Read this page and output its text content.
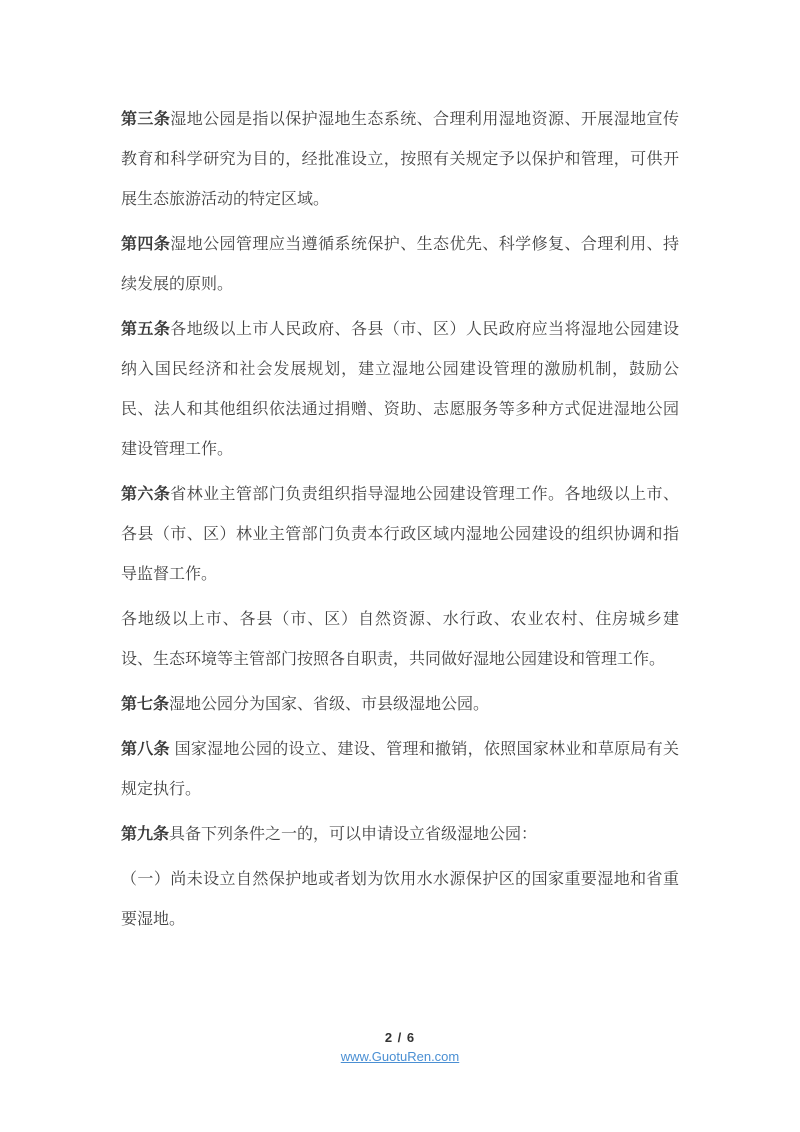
第三条湿地公园是指以保护湿地生态系统、合理利用湿地资源、开展湿地宣传教育和科学研究为目的，经批准设立，按照有关规定予以保护和管理，可供开展生态旅游活动的特定区域。

第四条湿地公园管理应当遵循系统保护、生态优先、科学修复、合理利用、持续发展的原则。

第五条各地级以上市人民政府、各县（市、区）人民政府应当将湿地公园建设纳入国民经济和社会发展规划，建立湿地公园建设管理的激励机制，鼓励公民、法人和其他组织依法通过捐赠、资助、志愿服务等多种方式促进湿地公园建设管理工作。

第六条省林业主管部门负责组织指导湿地公园建设管理工作。各地级以上市、各县（市、区）林业主管部门负责本行政区域内湿地公园建设的组织协调和指导监督工作。

各地级以上市、各县（市、区）自然资源、水行政、农业农村、住房城乡建设、生态环境等主管部门按照各自职责，共同做好湿地公园建设和管理工作。

第七条湿地公园分为国家、省级、市县级湿地公园。

第八条 国家湿地公园的设立、建设、管理和撤销，依照国家林业和草原局有关规定执行。

第九条具备下列条件之一的，可以申请设立省级湿地公园：

（一）尚未设立自然保护地或者划为饮用水水源保护区的国家重要湿地和省重要湿地。

2 / 6
www.GuotuRen.com
